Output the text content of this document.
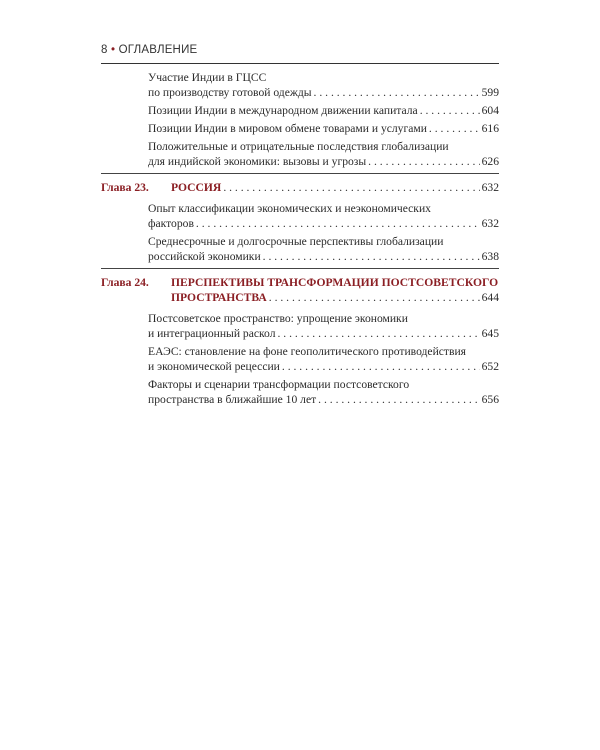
8 • ОГЛАВЛЕНИЕ
Участие Индии в ГЦСС
по производству готовой одежды . . .	599
Позиции Индии в международном движении капитала . . .	604
Позиции Индии в мировом обмене товарами и услугами . . .	616
Положительные и отрицательные последствия глобализации
для индийской экономики: вызовы и угрозы . . .	626
Глава 23. РОССИЯ . . .	632
Опыт классификации экономических и неэкономических
факторов . . .	632
Среднесрочные и долгосрочные перспективы глобализации
российской экономики . . .	638
Глава 24. ПЕРСПЕКТИВЫ ТРАНСФОРМАЦИИ ПОСТСОВЕТСКОГО
ПРОСТРАНСТВА . . .	644
Постсоветское пространство: упрощение экономики
и интеграционный раскол . . .	645
ЕАЭС: становление на фоне геополитического противодействия
и экономической рецессии . . .	652
Факторы и сценарии трансформации постсоветского
пространства в ближайшие 10 лет . . .	656
